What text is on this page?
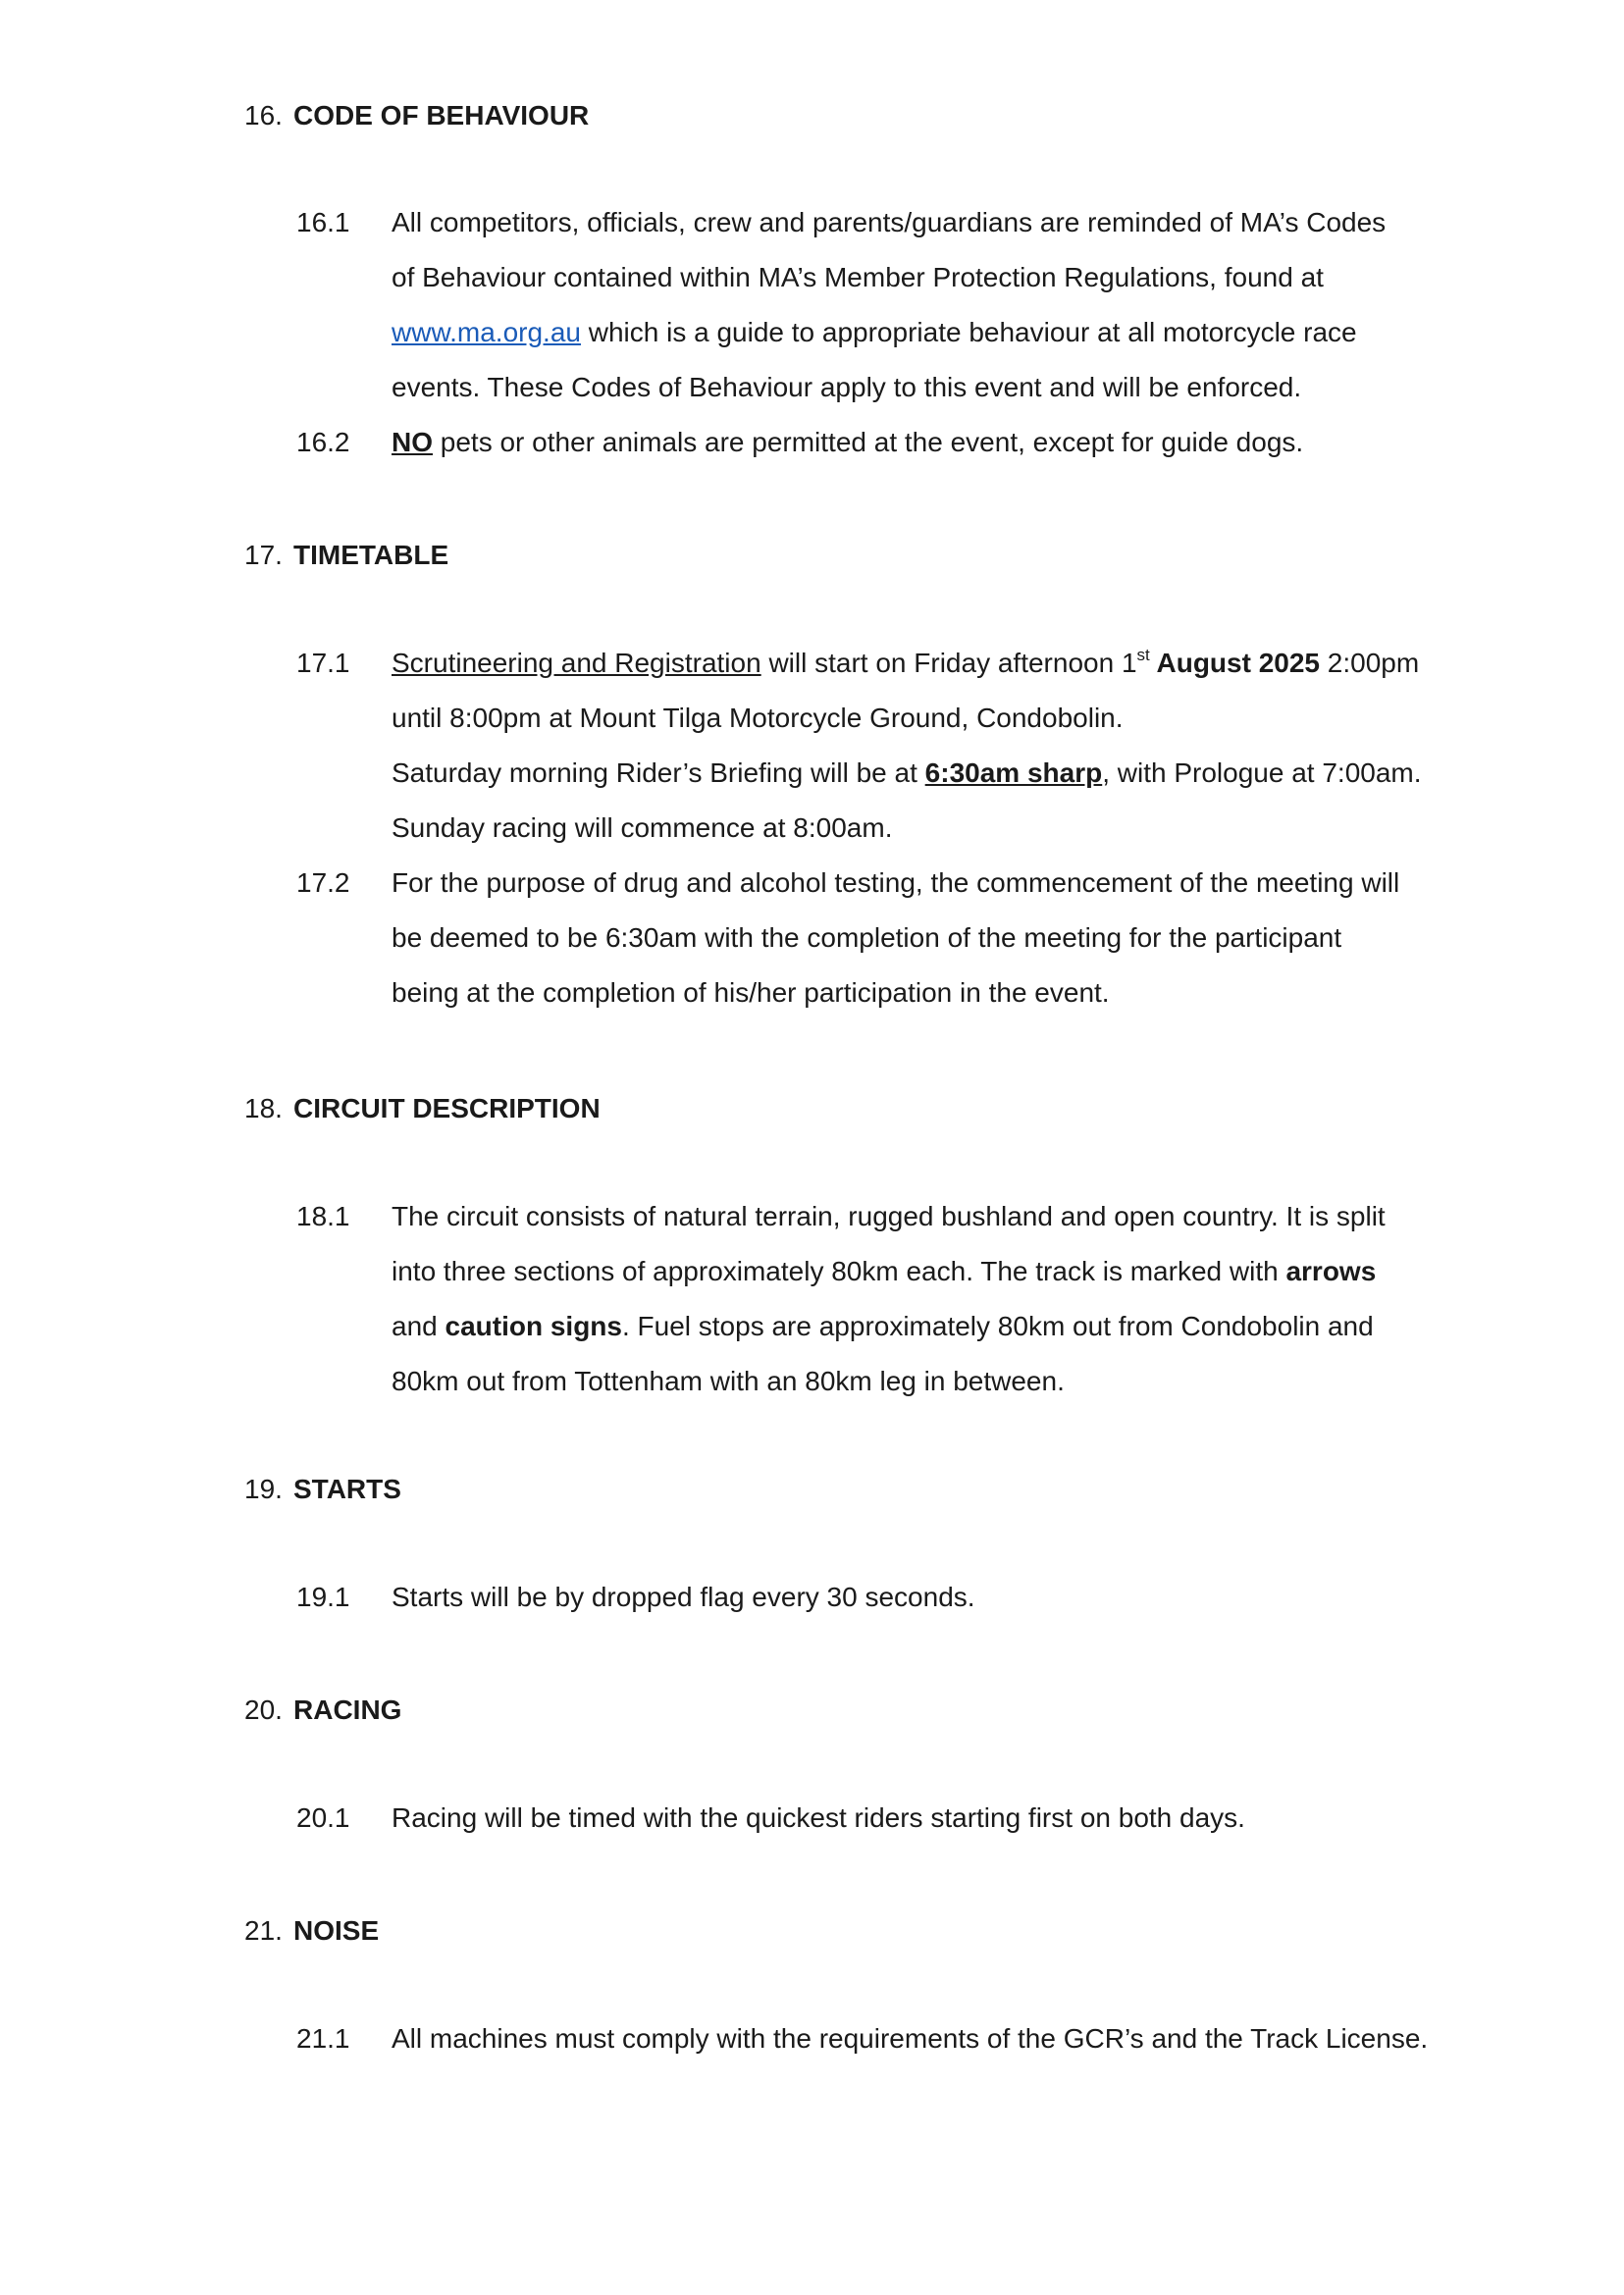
16. CODE OF BEHAVIOUR
16.1	All competitors, officials, crew and parents/guardians are reminded of MA’s Codes
of Behaviour contained within MA’s Member Protection Regulations, found at
www.ma.org.au which is a guide to appropriate behaviour at all motorcycle race
events. These Codes of Behaviour apply to this event and will be enforced.
16.2	NO pets or other animals are permitted at the event, except for guide dogs.
17. TIMETABLE
17.1	Scrutineering and Registration will start on Friday afternoon 1st August 2025 2:00pm
until 8:00pm at Mount Tilga Motorcycle Ground, Condobolin.
Saturday morning Rider’s Briefing will be at 6:30am sharp, with Prologue at 7:00am.
Sunday racing will commence at 8:00am.
17.2	For the purpose of drug and alcohol testing, the commencement of the meeting will
be deemed to be 6:30am with the completion of the meeting for the participant
being at the completion of his/her participation in the event.
18. CIRCUIT DESCRIPTION
18.1	The circuit consists of natural terrain, rugged bushland and open country. It is split
into three sections of approximately 80km each. The track is marked with arrows
and caution signs. Fuel stops are approximately 80km out from Condobolin and
80km out from Tottenham with an 80km leg in between.
19. STARTS
19.1	Starts will be by dropped flag every 30 seconds.
20. RACING
20.1	Racing will be timed with the quickest riders starting first on both days.
21. NOISE
21.1	All machines must comply with the requirements of the GCR’s and the Track License.
